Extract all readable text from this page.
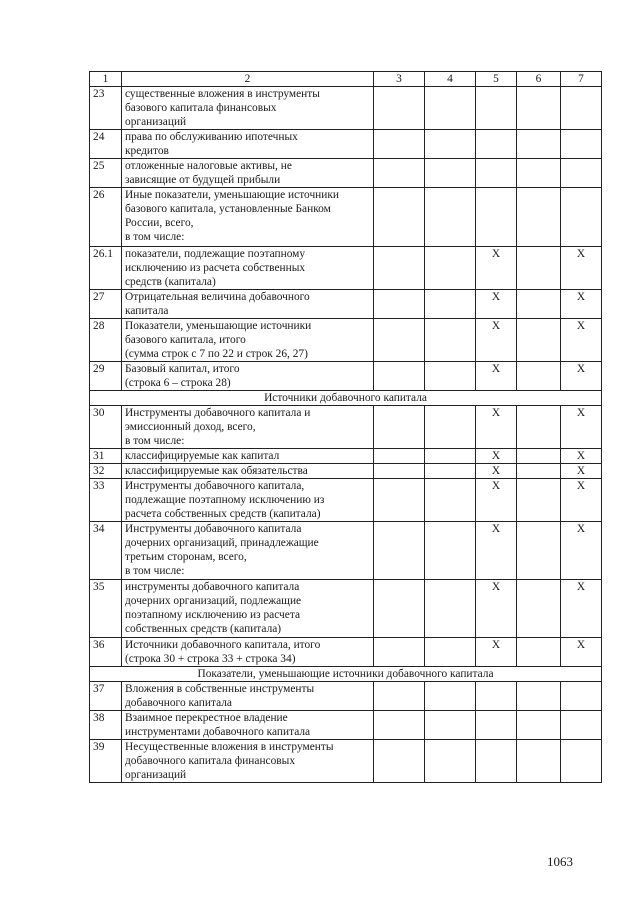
1	2	3	4	5	6	7
23	существенные вложения в инструменты
базового капитала финансовых
организаций					

24	права по обслуживанию ипотечных
кредитов					

25	отложенные налоговые активы, не
зависящие от будущей прибыли					

26	Иные показатели, уменьшающие источники
базового капитала, установленные Банком
России, всего,
в том числе:					

26.1	показатели, подлежащие поэтапному
исключению из расчета собственных
средств (капитала)			X		X
27	Отрицательная величина добавочного
капитала			X		X
28	Показатели, уменьшающие источники
базового капитала, итого
(сумма строк с 7 по 22 и строк 26, 27)			X		X
29	Базовый капитал, итого
(строка 6 – строка 28)			X		X
Источники добавочного капитала						
30	Инструменты добавочного капитала и
эмиссионный доход, всего,
в том числе:			X		X
31	классифицируемые как капитал			X		X
32	классифицируемые как обязательства			X		X
33	Инструменты добавочного капитала,
подлежащие поэтапному исключению из
расчета собственных средств (капитала)			X		X
34	Инструменты добавочного капитала
дочерних организаций, принадлежащие
третьим сторонам, всего,
в том числе:			X		X
35	инструменты добавочного капитала
дочерних организаций, подлежащие
поэтапному исключению из расчета
собственных средств (капитала)			X		X
36	Источники добавочного капитала, итого
(строка 30 + строка 33 + строка 34)			X		X
Показатели, уменьшающие источники добавочного капитала						
37	Вложения в собственные инструменты
добавочного капитала					

38	Взаимное перекрестное владение
инструментами добавочного капитала					

39	Несущественные вложения в инструменты
добавочного капитала финансовых
организаций					

1063
